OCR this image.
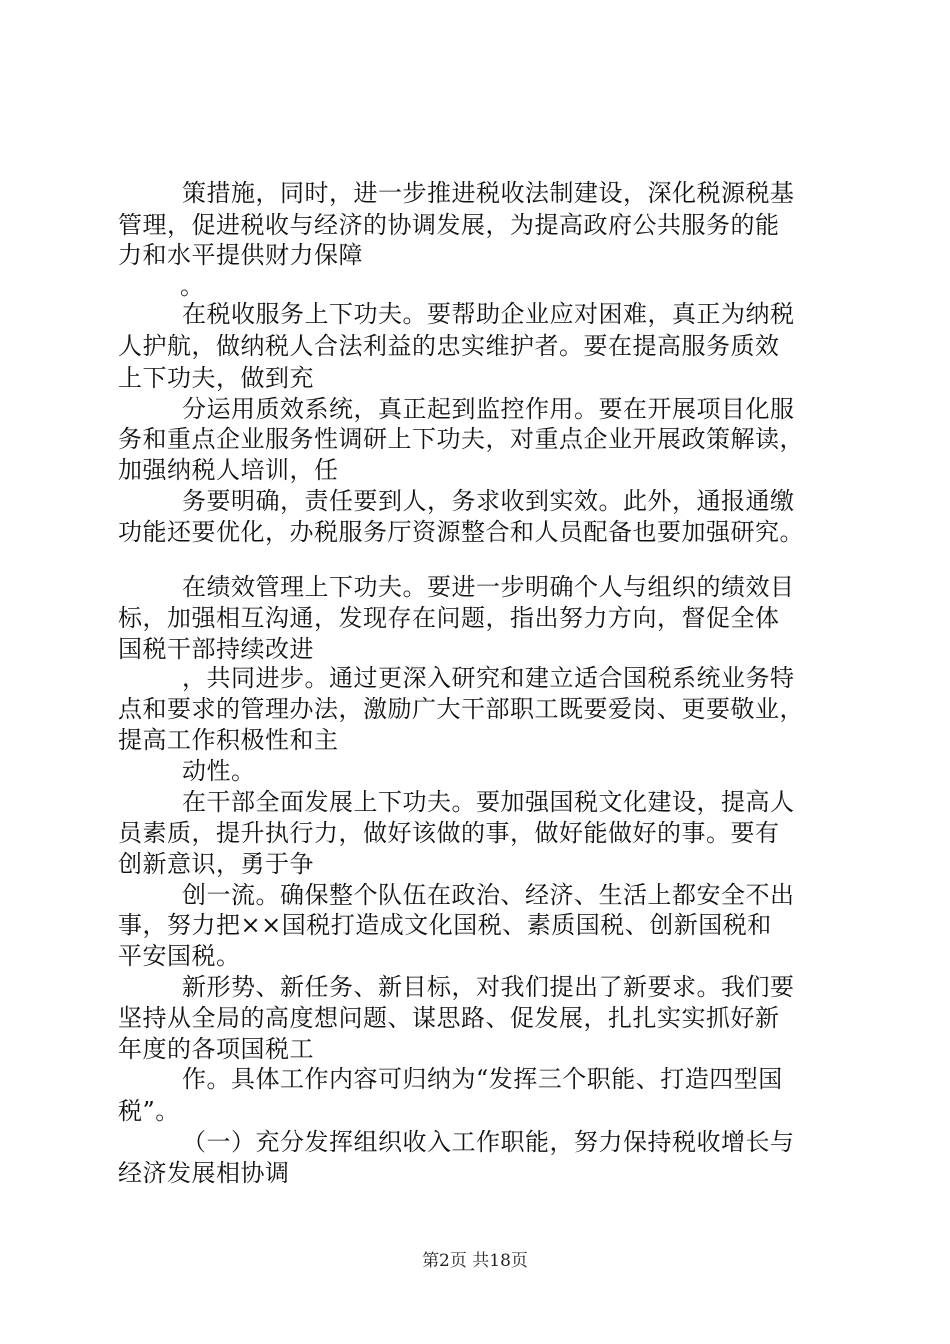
策措施，同时，进一步推进税收法制建设，深化税源税基
管理，促进税收与经济的协调发展，为提高政府公共服务的能
力和水平提供财力保障
。
在税收服务上下功夫。要帮助企业应对困难，真正为纳税
人护航，做纳税人合法利益的忠实维护者。要在提高服务质效
上下功夫，做到充
分运用质效系统，真正起到监控作用。要在开展项目化服
务和重点企业服务性调研上下功夫，对重点企业开展政策解读，
加强纳税人培训，任
务要明确，责任要到人，务求收到实效。此外，通报通缴
功能还要优化，办税服务厅资源整合和人员配备也要加强研究。
在绩效管理上下功夫。要进一步明确个人与组织的绩效目
标，加强相互沟通，发现存在问题，指出努力方向，督促全体
国税干部持续改进
，共同进步。通过更深入研究和建立适合国税系统业务特
点和要求的管理办法，激励广大干部职工既要爱岗、更要敬业，
提高工作积极性和主
动性。
在干部全面发展上下功夫。要加强国税文化建设，提高人
员素质，提升执行力，做好该做的事，做好能做好的事。要有
创新意识，勇于争
创一流。确保整个队伍在政治、经济、生活上都安全不出
事，努力把××国税打造成文化国税、素质国税、创新国税和
平安国税。
新形势、新任务、新目标，对我们提出了新要求。我们要
坚持从全局的高度想问题、谋思路、促发展，扎扎实实抓好新
年度的各项国税工
作。具体工作内容可归纳为“发挥三个职能、打造四型国
税”。
（一）充分发挥组织收入工作职能，努力保持税收增长与
经济发展相协调
第2页 共18页
